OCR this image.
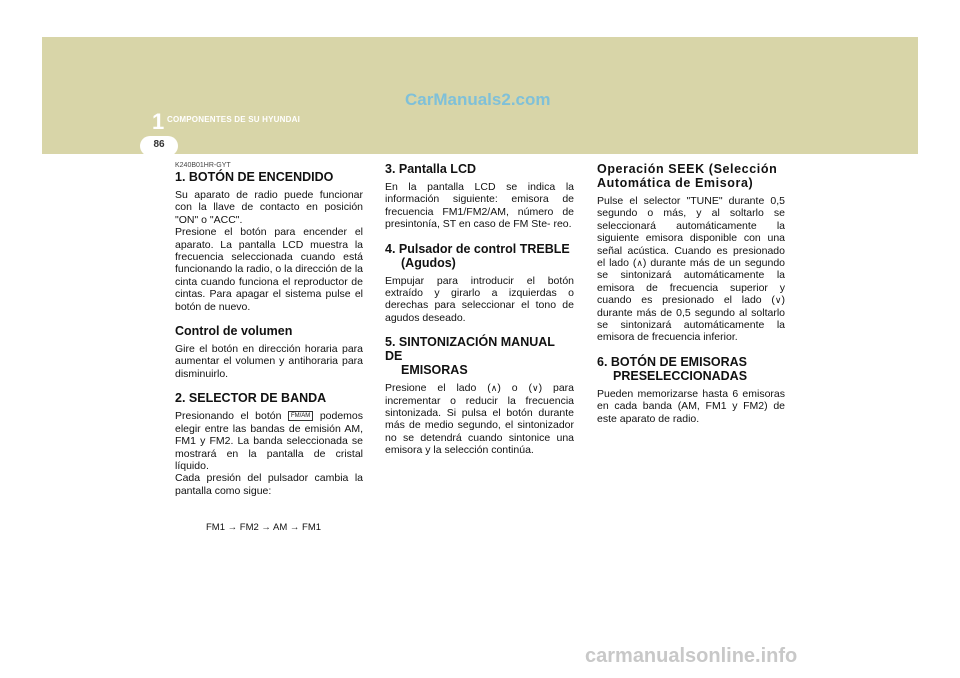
CarManuals2.com
1 COMPONENTES DE SU HYUNDAI
86
K240B01HR-GYT
1. BOTÓN DE ENCENDIDO

Su aparato de radio puede funcionar con la llave de contacto en posición "ON" o "ACC".

Presione el botón para encender el aparato. La pantalla LCD muestra la frecuencia seleccionada cuando está funcionando la radio, o la dirección de la cinta cuando funciona el reproductor de cintas. Para apagar el sistema pulse el botón de nuevo.

Control de volumen

Gire el botón en dirección horaria para aumentar el volumen y antihoraria para disminuirlo.

2. SELECTOR DE BANDA

Presionando el botón FM/AM podemos elegir entre las bandas de emisión AM, FM1 y FM2. La banda seleccionada se mostrará en la pantalla de cristal líquido.

Cada presión del pulsador cambia la pantalla como sigue:

FM1 → FM2 → AM → FM1
3. Pantalla LCD

En la pantalla LCD se indica la información siguiente: emisora de frecuencia FM1/FM2/AM, número de presintonía, ST en caso de FM Ste- reo.

4. Pulsador de control TREBLE
(Agudos)

Empujar para introducir el botón extraído y girarlo a izquierdas o derechas para seleccionar el tono de agudos deseado.

5. SINTONIZACIÓN MANUAL DE
EMISORAS

Presione el lado (∧) o (∨) para incrementar o reducir la frecuencia sintonizada. Si pulsa el botón durante más de medio segundo, el sintonizador no se detendrá cuando sintonice una emisora y la selección continúa.

Operación SEEK (Selección Automática de Emisora)

Pulse el selector "TUNE" durante 0,5 segundo o más, y al soltarlo se seleccionará automáticamente la siguiente emisora disponible con una señal acústica. Cuando es presionado el lado (∧) durante más de un segundo se sintonizará automáticamente la emisora de frecuencia superior y cuando es presionado el lado (∨) durante más de 0,5 segundo al soltarlo se sintonizará automáticamente la emisora de frecuencia inferior.

6. BOTÓN DE EMISORAS
PRESELECCIONADAS

Pueden memorizarse hasta 6 emisoras en cada banda (AM, FM1 y FM2) de este aparato de radio.

carmanualsonline.info
